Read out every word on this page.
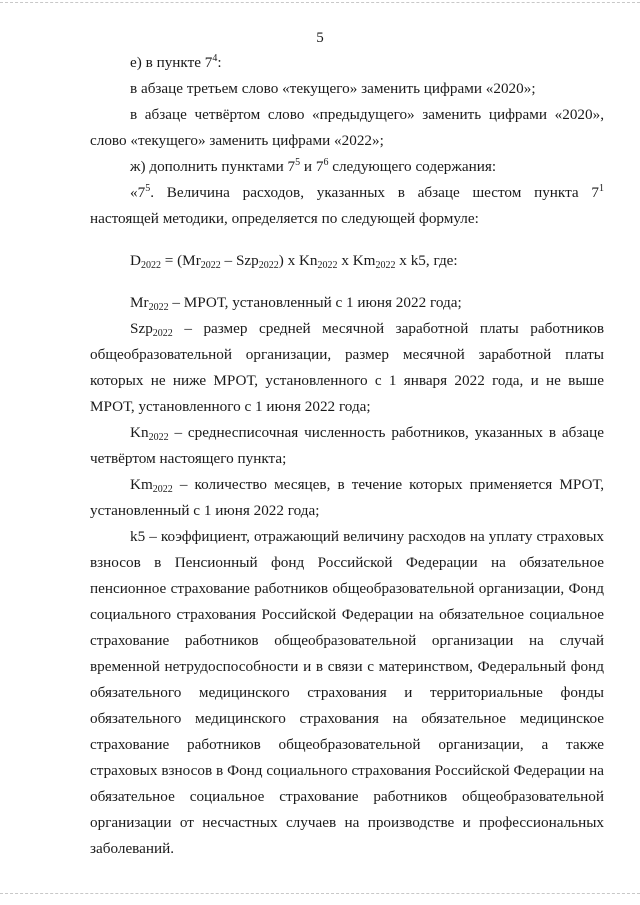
5

е) в пункте $7^4$:

в абзаце третьем слово «текущего» заменить цифрами «2020»;

в абзаце четвёртом слово «предыдущего» заменить цифрами «2020», слово «текущего» заменить цифрами «2022»;

ж) дополнить пунктами $7^5$ и $7^6$ следующего содержания:

«$7^5$. Величина расходов, указанных в абзаце шестом пункта $7^1$ настоящей методики, определяется по следующей формуле:

$D_{2022} = (Mr_{2022} - Szp_{2022})$ х $Kn_{2022}$ х $Km_{2022}$ х k5, где:

$Mr_{2022}$ – МРОТ, установленный с 1 июня 2022 года;

Szp$_{2022}$ – размер средней месячной заработной платы работников общеобразовательной организации, размер месячной заработной платы которых не ниже МРОТ, установленного с 1 января 2022 года, и не выше МРОТ, установленного с 1 июня 2022 года;

$Kn_{2022}$ – среднесписочная численность работников, указанных в абзаце четвёртом настоящего пункта;

$Km_{2022}$ – количество месяцев, в течение которых применяется МРОТ, установленный с 1 июня 2022 года;

k5 – коэффициент, отражающий величину расходов на уплату страховых взносов в Пенсионный фонд Российской Федерации на обязательное пенсионное страхование работников общеобразовательной организации, Фонд социального страхования Российской Федерации на обязательное социальное страхование работников общеобразовательной организации на случай временной нетрудоспособности и в связи с материнством, Федеральный фонд обязательного медицинского страхования и территориальные фонды обязательного медицинского страхования на обязательное медицинское страхование работников общеобразовательной организации, а также страховых взносов в Фонд социального страхования Российской Федерации на обязательное социальное страхование работников общеобразовательной организации от несчастных случаев на производстве и профессиональных заболеваний.
